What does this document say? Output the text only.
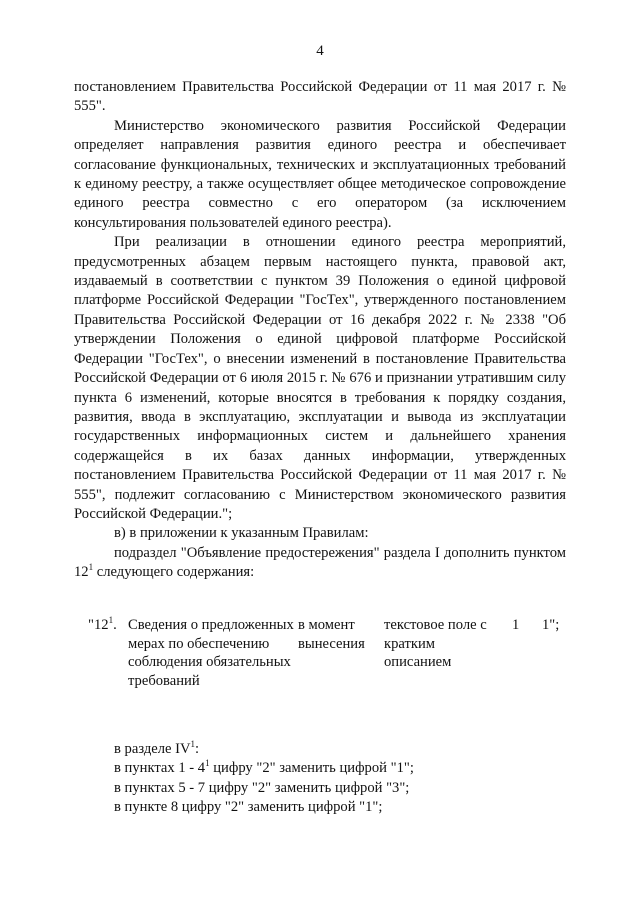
4

постановлением Правительства Российской Федерации от 11 мая 2017 г. № 555".

Министерство экономического развития Российской Федерации определяет направления развития единого реестра и обеспечивает согласование функциональных, технических и эксплуатационных требований к единому реестру, а также осуществляет общее методическое сопровождение единого реестра совместно с его оператором (за исключением консультирования пользователей единого реестра).

При реализации в отношении единого реестра мероприятий, предусмотренных абзацем первым настоящего пункта, правовой акт, издаваемый в соответствии с пунктом 39 Положения о единой цифровой платформе Российской Федерации "ГосТех", утвержденного постановлением Правительства Российской Федерации от 16 декабря 2022 г. № 2338 "Об утверждении Положения о единой цифровой платформе Российской Федерации "ГосТех", о внесении изменений в постановление Правительства Российской Федерации от 6 июля 2015 г. № 676 и признании утратившим силу пункта 6 изменений, которые вносятся в требования к порядку создания, развития, ввода в эксплуатацию, эксплуатации и вывода из эксплуатации государственных информационных систем и дальнейшего хранения содержащейся в их базах данных информации, утвержденных постановлением Правительства Российской Федерации от 11 мая 2017 г. № 555", подлежит согласованию с Министерством экономического развития Российской Федерации.";

в) в приложении к указанным Правилам:

подраздел "Объявление предостережения" раздела I дополнить пунктом $12^1$ следующего содержания:

"$12^1$. Сведения о предложенных мерах по обеспечению соблюдения обязательных требований
в момент вынесения
текстовое поле с кратким описанием
1	1";

в разделе $IV^1$:

в пунктах $1 - 4^1$ цифру "2" заменить цифрой "1";

в пунктах 5 - 7 цифру "2" заменить цифрой "3";

в пункте 8 цифру "2" заменить цифрой "1";
